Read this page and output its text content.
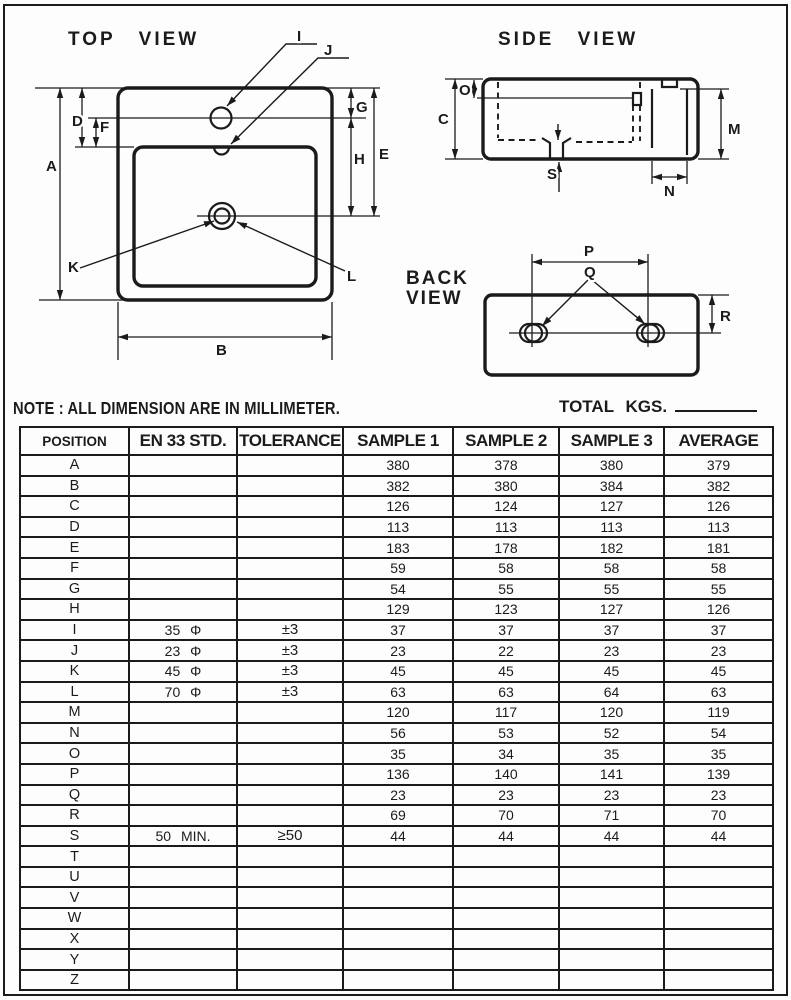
TOP VIEW
A
D F
G
H E
K
L
B
I
J
SIDE VIEW
C
O
M
N
S
BACK
VIEW
P
Q
R
NOTE : ALL DIMENSION ARE IN MILLIMETER.	TOTAL KGS.
POSITION	EN 33 STD.	TOLERANCE	SAMPLE 1	SAMPLE 2	SAMPLE 3	AVERAGE
A			380	378	380	379
B			382	380	384	382
C			126	124	127	126
D			113	113	113	113
E			183	178	182	181
F			59	58	58	58
G			54	55	55	55
H			129	123	127	126
I	35 Φ	±3	37	37	37	37
J	23 Φ	±3	23	22	23	23
K	45 Φ	±3	45	45	45	45
L	70 Φ	±3	63	63	64	63
M			120	117	120	119
N			56	53	52	54
O			35	34	35	35
P			136	140	141	139
Q			23	23	23	23
R			69	70	71	70
S	50 MIN.	≥50	44	44	44	44
T						
U						
V						
W						
X						
Y						
Z						
